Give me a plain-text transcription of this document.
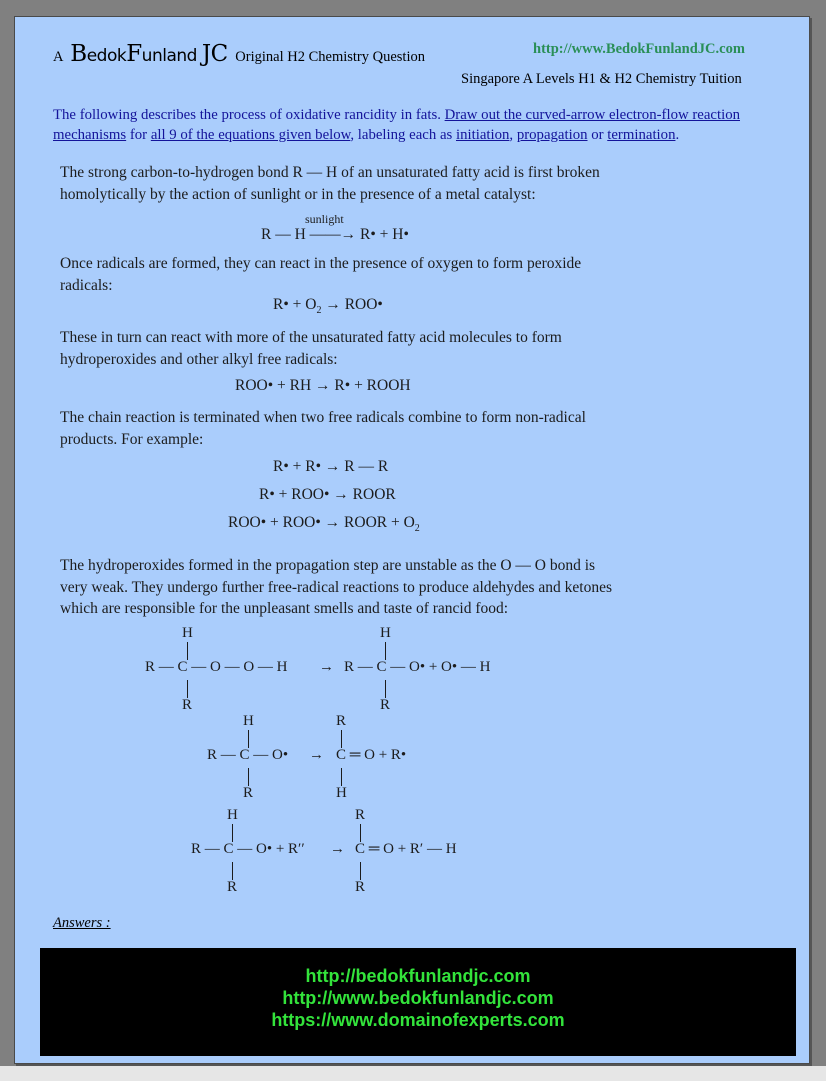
A BedokFunland JC Original H2 Chemistry Question	http://www.BedokFunlandJC.com
Singapore A Levels H1 & H2 Chemistry Tuition
The following describes the process of oxidative rancidity in fats. Draw out the curved-arrow electron-flow reaction mechanisms for all 9 of the equations given below, labeling each as initiation, propagation or termination.
The strong carbon-to-hydrogen bond R — H of an unsaturated fatty acid is first broken homolytically by the action of sunlight or in the presence of a metal catalyst:
sunlight
R — H ——→ R• + H•
Once radicals are formed, they can react in the presence of oxygen to form peroxide radicals:
R• + $O_2$ → ROO•
These in turn can react with more of the unsaturated fatty acid molecules to form hydroperoxides and other alkyl free radicals:
ROO• + RH → R• + ROOH
The chain reaction is terminated when two free radicals combine to form non-radical products. For example:
R• + R• → R — R
R• + ROO• → ROOR
ROO• + ROO• → ROOR + $O_2$
The hydroperoxides formed in the propagation step are unstable as the O — O bond is very weak. They undergo further free-radical reactions to produce aldehydes and ketones which are responsible for the unpleasant smells and taste of rancid food:
H
R — C — O — O — H
R
→
H
R — C — O• + O• — H
R
H
R — C — O•
R
→
R
C ═ O + R•
H
H
R — C — O• + R′′
R
→
R
C ═ O + R′ — H
R
Answers :
http://bedokfunlandjc.com
http://www.bedokfunlandjc.com
https://www.domainofexperts.com
